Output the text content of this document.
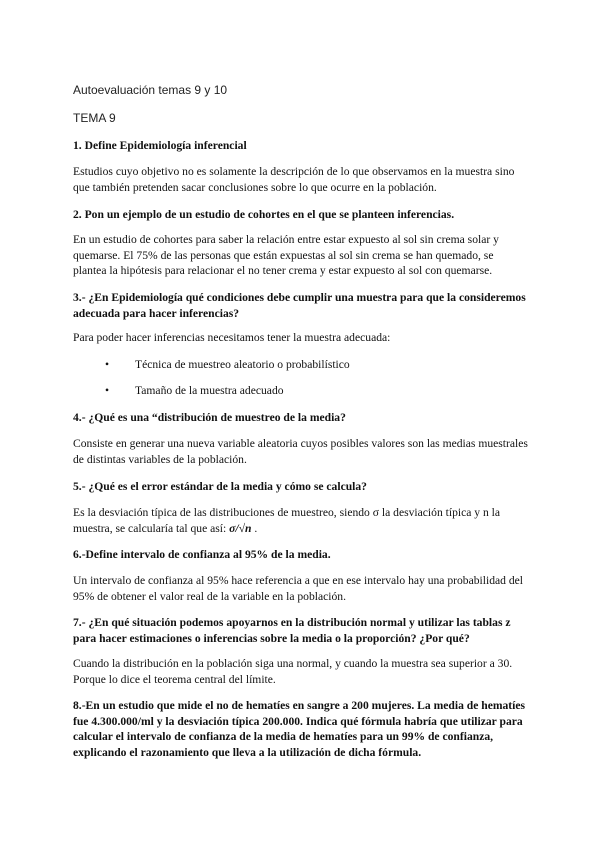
Autoevaluación temas 9 y 10

TEMA 9

1. Define Epidemiología inferencial

Estudios cuyo objetivo no es solamente la descripción de lo que observamos en la muestra sino que también pretenden sacar conclusiones sobre lo que ocurre en la población.

2. Pon un ejemplo de un estudio de cohortes en el que se planteen inferencias.

En un estudio de cohortes para saber la relación entre estar expuesto al sol sin crema solar y quemarse. El 75% de las personas que están expuestas al sol sin crema se han quemado, se plantea la hipótesis para relacionar el no tener crema y estar expuesto al sol con quemarse.

3.- ¿En Epidemiología qué condiciones debe cumplir una muestra para que la consideremos adecuada para hacer inferencias?

Para poder hacer inferencias necesitamos tener la muestra adecuada:

•	Técnica de muestreo aleatorio o probabilístico
•	Tamaño de la muestra adecuado

4.- ¿Qué es una “distribución de muestreo de la media?

Consiste en generar una nueva variable aleatoria cuyos posibles valores son las medias muestrales de distintas variables de la población.

5.- ¿Qué es el error estándar de la media y cómo se calcula?

Es la desviación típica de las distribuciones de muestreo, siendo σ la desviación típica y n la muestra, se calcularía tal que así: σ/√n .

6.-Define intervalo de confianza al 95% de la media.

Un intervalo de confianza al 95% hace referencia a que en ese intervalo hay una probabilidad del 95% de obtener el valor real de la variable en la población.

7.- ¿En qué situación podemos apoyarnos en la distribución normal y utilizar las tablas z para hacer estimaciones o inferencias sobre la media o la proporción? ¿Por qué?

Cuando la distribución en la población siga una normal, y cuando la muestra sea superior a 30. Porque lo dice el teorema central del límite.

8.-En un estudio que mide el no de hematíes en sangre a 200 mujeres. La media de hematíes fue 4.300.000/ml y la desviación típica 200.000. Indica qué fórmula habría que utilizar para calcular el intervalo de confianza de la media de hematíes para un 99% de confianza, explicando el razonamiento que lleva a la utilización de dicha fórmula.
